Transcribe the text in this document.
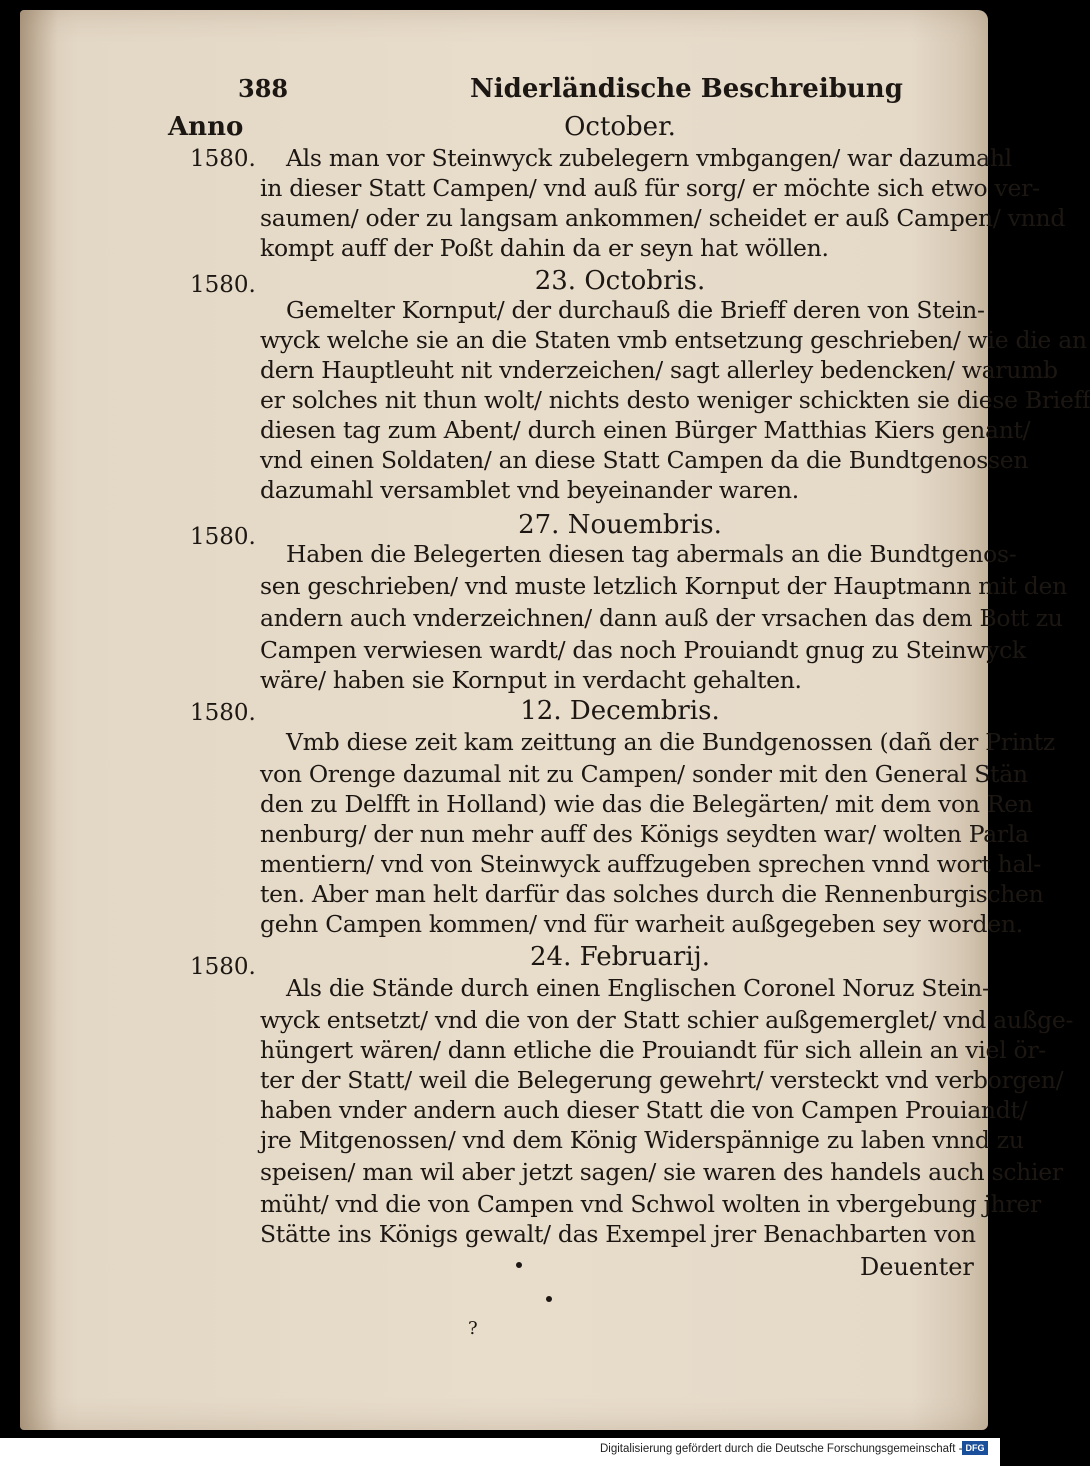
388	Niderländische Beschreibung
Anno	October.
1580. Als man vor Steinwyck zubelegern vmbgangen/ war dazumahl
in dieser Statt Campen/ vnd auß für sorg/ er möchte sich etwo ver-
saumen/ oder zu langsam ankommen/ scheidet er auß Campen/ vnnd
kompt auff der Poßt dahin da er seyn hat wöllen.
1580.	23. Octobris.
Gemelter Kornput/ der durchauß die Brieff deren von Stein-
wyck welche sie an die Staten vmb entsetzung geschrieben/ wie die an
dern Hauptleuht nit vnderzeichen/ sagt allerley bedencken/ warumb
er solches nit thun wolt/ nichts desto weniger schickten sie diese Brieff
diesen tag zum Abent/ durch einen Bürger Matthias Kiers genant/
vnd einen Soldaten/ an diese Statt Campen da die Bundtgenossen
dazumahl versamblet vnd beyeinander waren.
1580.	27. Nouembris.
Haben die Belegerten diesen tag abermals an die Bundtgenos-
sen geschrieben/ vnd muste letzlich Kornput der Hauptmann mit den
andern auch vnderzeichnen/ dann auß der vrsachen das dem Bott zu
Campen verwiesen wardt/ das noch Prouiandt gnug zu Steinwyck
wäre/ haben sie Kornput in verdacht gehalten.
1580.	12. Decembris.
Vmb diese zeit kam zeittung an die Bundgenossen (dañ der Printz
von Orenge dazumal nit zu Campen/ sonder mit den General Stän
den zu Delfft in Holland) wie das die Belegärten/ mit dem von Ren
nenburg/ der nun mehr auff des Königs seydten war/ wolten Parla
mentiern/ vnd von Steinwyck auffzugeben sprechen vnnd wort hal-
ten. Aber man helt darfür das solches durch die Rennenburgischen
gehn Campen kommen/ vnd für warheit außgegeben sey worden.
1580.	24. Februarij.
Als die Stände durch einen Englischen Coronel Noruz Stein-
wyck entsetzt/ vnd die von der Statt schier außgemerglet/ vnd außge-
hüngert wären/ dann etliche die Prouiandt für sich allein an viel ör-
ter der Statt/ weil die Belegerung gewehrt/ versteckt vnd verborgen/
haben vnder andern auch dieser Statt die von Campen Prouiandt/
jre Mitgenossen/ vnd dem König Widerspännige zu laben vnnd zu
speisen/ man wil aber jetzt sagen/ sie waren des handels auch schier
müht/ vnd die von Campen vnd Schwol wolten in vbergebung jhrer
Stätte ins Königs gewalt/ das Exempel jrer Benachbarten von
Deuenter
?
Digitalisierung gefördert durch die Deutsche Forschungsgemeinschaft - DFG
